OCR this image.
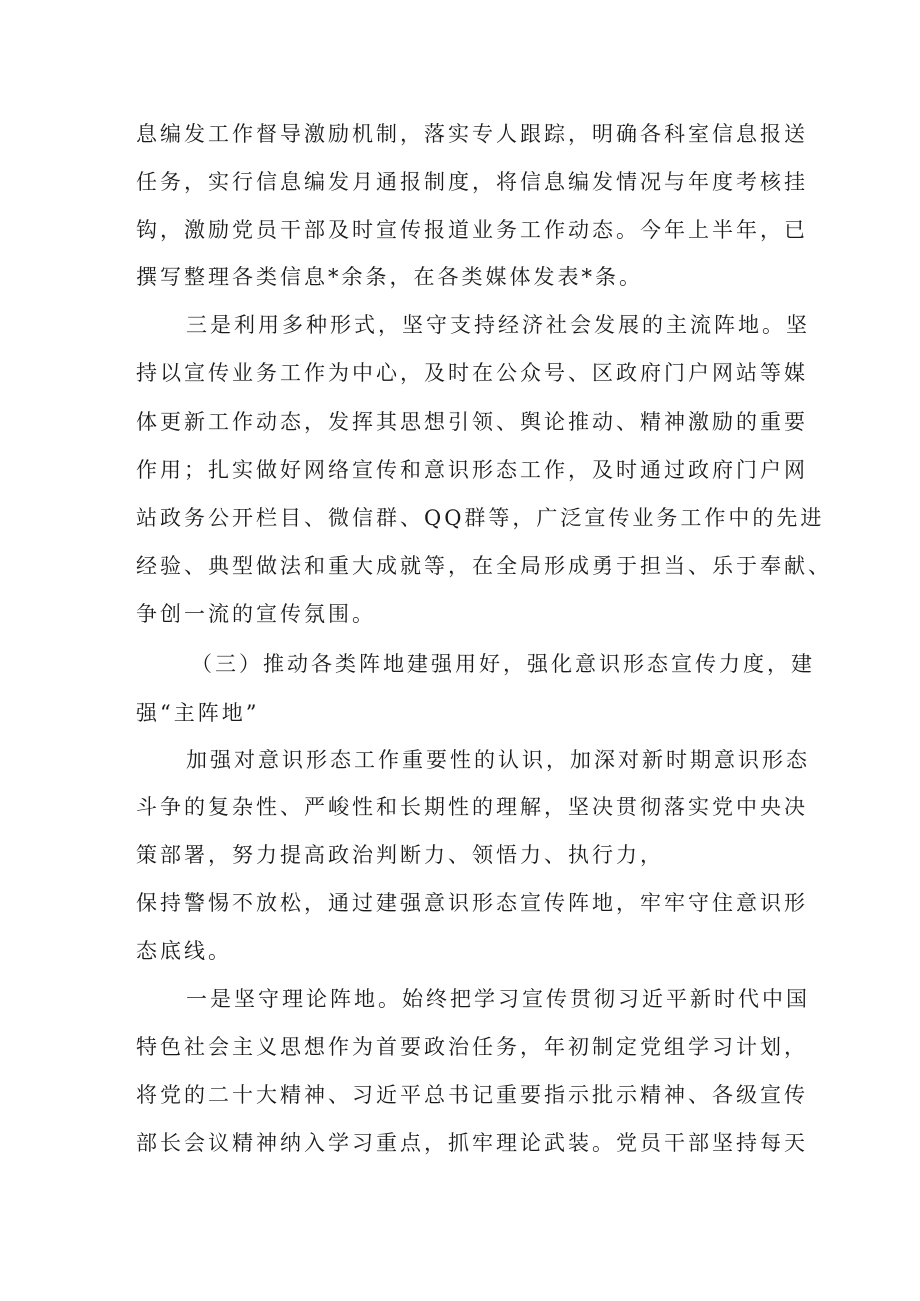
息编发工作督导激励机制，落实专人跟踪，明确各科室信息报送

任务，实行信息编发月通报制度，将信息编发情况与年度考核挂

钩，激励党员干部及时宣传报道业务工作动态。今年上半年，已

撰写整理各类信息*余条，在各类媒体发表*条。

三是利用多种形式，坚守支持经济社会发展的主流阵地。坚

持以宣传业务工作为中心，及时在公众号、区政府门户网站等媒

体更新工作动态，发挥其思想引领、舆论推动、精神激励的重要

作用；扎实做好网络宣传和意识形态工作，及时通过政府门户网

站政务公开栏目、微信群、QQ群等，广泛宣传业务工作中的先进

经验、典型做法和重大成就等，在全局形成勇于担当、乐于奉献、

争创一流的宣传氛围。

（三）推动各类阵地建强用好，强化意识形态宣传力度，建

强“主阵地”

加强对意识形态工作重要性的认识，加深对新时期意识形态

斗争的复杂性、严峻性和长期性的理解，坚决贯彻落实党中央决

策部署，努力提高政治判断力、领悟力、执行力，

保持警惕不放松，通过建强意识形态宣传阵地，牢牢守住意识形

态底线。

一是坚守理论阵地。始终把学习宣传贯彻习近平新时代中国

特色社会主义思想作为首要政治任务，年初制定党组学习计划，

将党的二十大精神、习近平总书记重要指示批示精神、各级宣传

部长会议精神纳入学习重点，抓牢理论武装。党员干部坚持每天
